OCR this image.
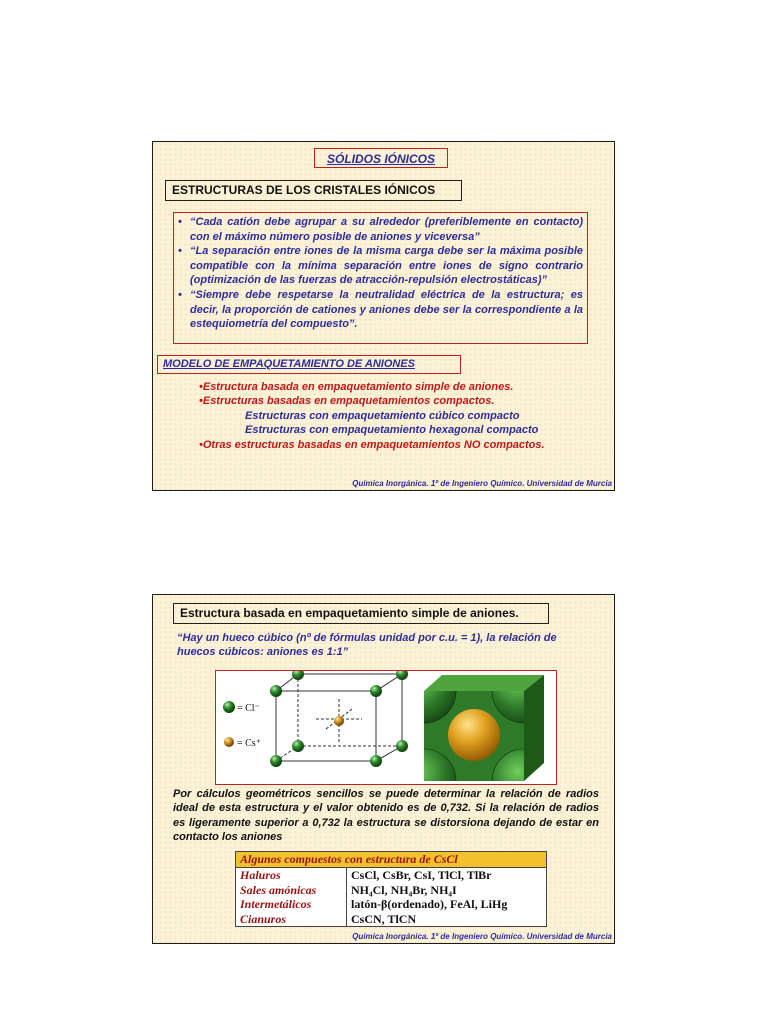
SÓLIDOS IÓNICOS
ESTRUCTURAS DE LOS CRISTALES IÓNICOS

• “Cada catión debe agrupar a su alrededor (preferiblemente en contacto) con el máximo número posible de aniones y viceversa”

• “La separación entre iones de la misma carga debe ser la máxima posible compatible con la mínima separación entre iones de signo contrario (optimización de las fuerzas de atracción-repulsión electrostáticas)”

• “Siempre debe respetarse la neutralidad eléctrica de la estructura; es decir, la proporción de cationes y aniones debe ser la correspondiente a la estequiometría del compuesto”.

MODELO DE EMPAQUETAMIENTO DE ANIONES
•Estructura basada en empaquetamiento simple de aniones.
•Estructuras basadas en empaquetamientos compactos.
Estructuras con empaquetamiento cúbico compacto
Estructuras con empaquetamiento hexagonal compacto
•Otras estructuras basadas en empaquetamientos NO compactos.
Química Inorgánica. 1º de Ingeniero Químico. Universidad de Murcia
Estructura basada en empaquetamiento simple de aniones.
“Hay un hueco cúbico (nº de fórmulas unidad por c.u. = 1), la relación de huecos cúbicos: aniones es 1:1”
= Cl⁻
= Cs⁺
Por cálculos geométricos sencillos se puede determinar la relación de radios ideal de esta estructura y el valor obtenido es de 0,732. Si la relación de radios es ligeramente superior a 0,732 la estructura se distorsiona dejando de estar en contacto los aniones
Algunos compuestos con estructura de CsCl	
Haluros	CsCl, CsBr, CsI, TlCl, TlBr
Sales amónicas	NH₄Cl, NH₄Br, NH₄I
Intermetálicos	latón-β(ordenado), FeAl, LiHg
Cianuros	CsCN, TlCN
Química Inorgánica. 1º de Ingeniero Químico. Universidad de Murcia
